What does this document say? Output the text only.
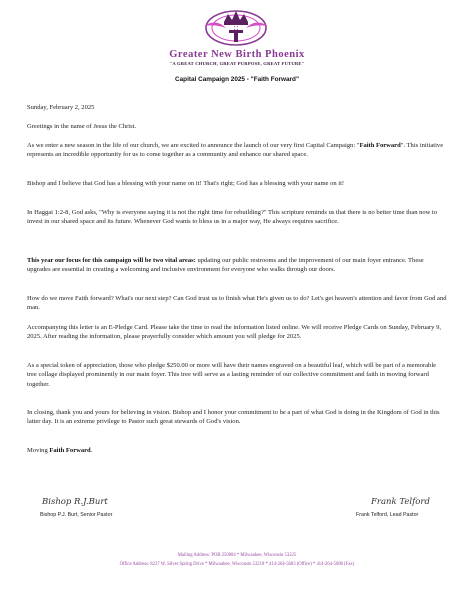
Greater New Birth Phoenix
"A GREAT CHURCH, GREAT PURPOSE, GREAT FUTURE"
Capital Campaign 2025 - "Faith Forward"

Sunday, February 2, 2025

Greetings in the name of Jesus the Christ.

As we enter a new season in the life of our church, we are excited to announce the launch of our very first Capital Campaign: "Faith Forward". This initiative represents an incredible opportunity for us to come together as a community and enhance our shared space.

Bishop and I believe that God has a blessing with your name on it! That's right; God has a blessing with your name on it!

In Haggai 1:2-8, God asks, "Why is everyone saying it is not the right time for rebuilding?" This scripture reminds us that there is no better time than now to invest in our shared space and its future. Whenever God wants to bless us in a major way, He always requires sacrifice.

This year our focus for this campaign will be two vital areas: updating our public restrooms and the improvement of our main foyer entrance. These upgrades are essential in creating a welcoming and inclusive environment for everyone who walks through our doors.

How do we move Faith forward? What's our next step? Can God trust us to finish what He's given us to do? Let's get heaven's attention and favor from God and man.

Accompanying this letter is an E-Pledge Card. Please take the time to read the information listed online. We will receive Pledge Cards on Sunday, February 9, 2025. After reading the information, please prayerfully consider which amount you will pledge for 2025.

As a special token of appreciation, those who pledge $250.00 or more will have their names engraved on a beautiful leaf, which will be part of a memorable tree collage displayed prominently in our main foyer. This tree will serve as a lasting reminder of our collective commitment and faith in moving forward together.

In closing, thank you and yours for believing in vision. Bishop and I honor your commitment to be a part of what God is doing in the Kingdom of God in this latter day. It is an extreme privilege to Pastor such great stewards of God's vision.

Moving Faith Forward.

Bishop R.J.Burt
Bishop P.J. Burt, Senior Pastor
Frank Telford
Frank Telford, Lead Pastor
Mailing Address: POB 250884 * Milwaukee, Wisconsin 53225
Office Address: 8237 W. Silver Spring Drive * Milwaukee, Wisconsin 53218 * 414-264-5683 (Office) * 414-264-5080 (Fax)
